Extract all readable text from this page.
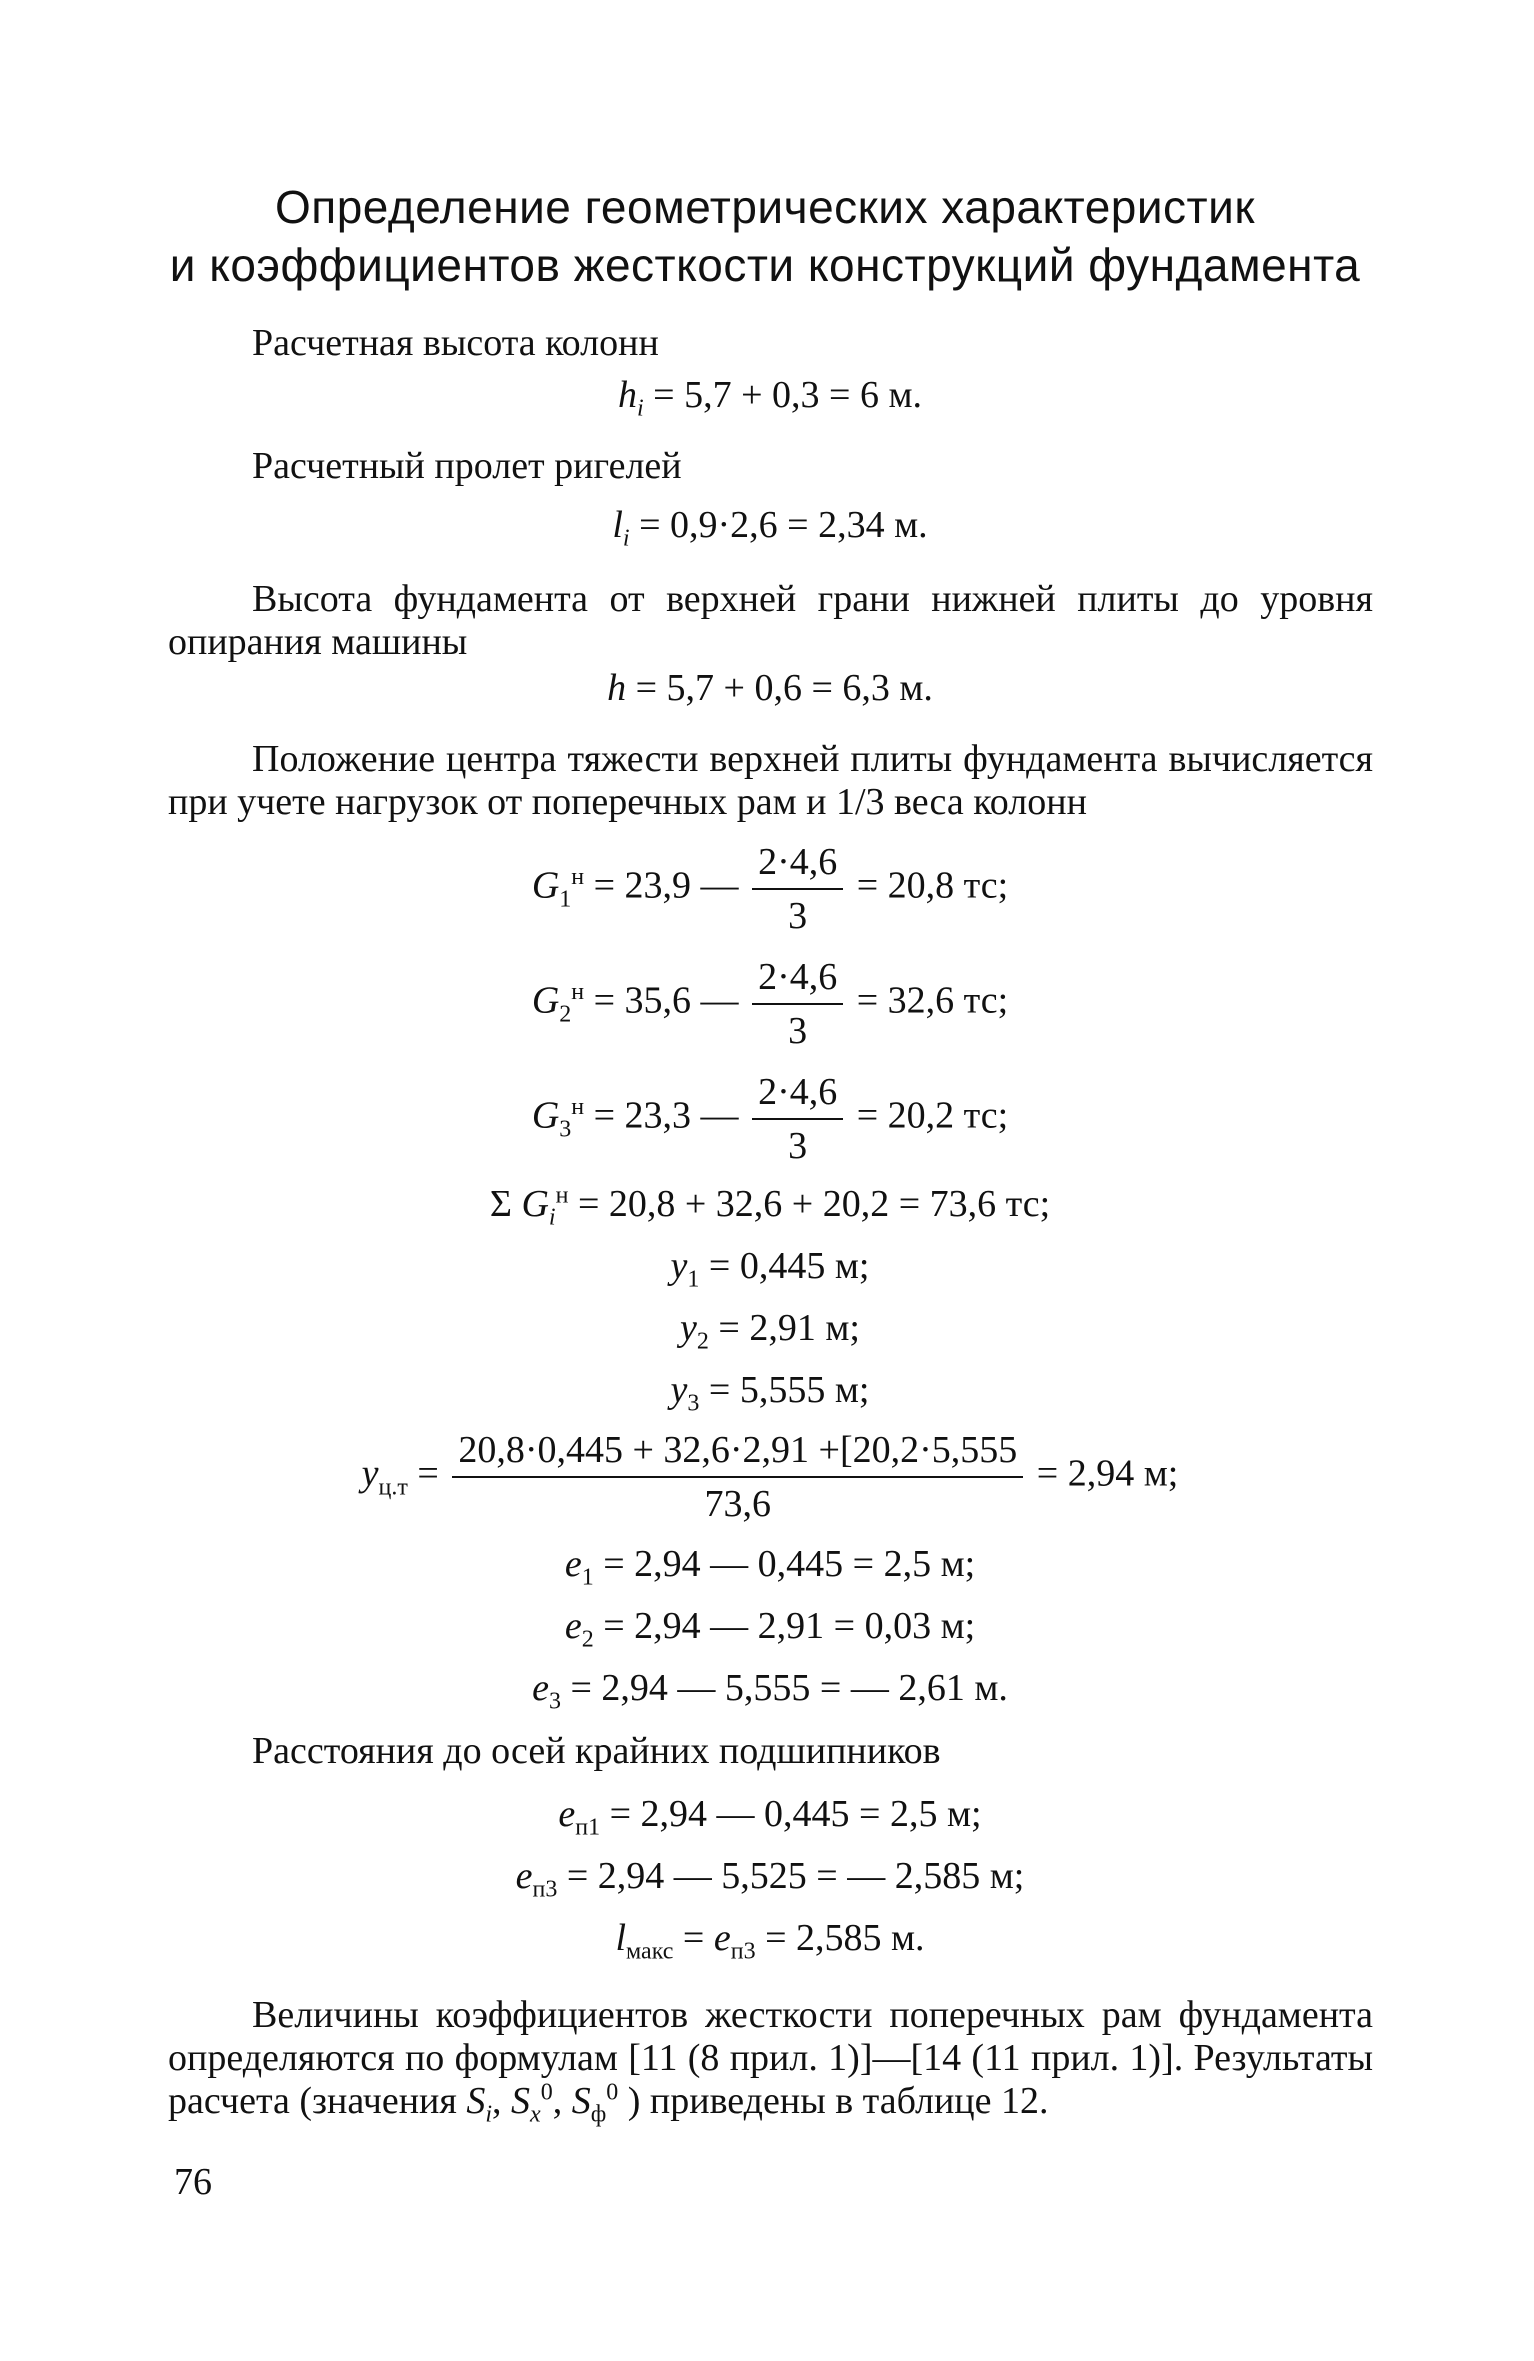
Определение геометрических характеристик
и коэффициентов жесткости конструкций фундамента
Расчетная высота колонн
$h_i = 5,7 + 0,3 = 6$ м.
Расчетный пролет ригелей
$l_i = 0,9\cdot 2,6 = 2,34$ м.
Высота фундамента от верхней грани нижней плиты до уровня опирания машины
h = 5,7 + 0,6 = 6,3 м.
Положение центра тяжести верхней плиты фундамента вычисляется при учете нагрузок от поперечных рам и 1/3 веса колонн
$G_1^н = 23,9$ — $\frac{2\cdot 4,6}{3} = 20,8$ тс;
$G_2^н = 35,6$ — $\frac{2\cdot 4,6}{3} = 32,6$ тс;
$G_3^н = 23,3$ — $\frac{2\cdot 4,6}{3} = 20,2$ тс;
Σ $G_i^н = 20,8 + 32,6 + 20,2 = 73,6$ тс;
$y_1 = 0,445$ м;
$y_2 = 2,91$ м;
$y_3 = 5,555$ м;
$y_{ц.т} = \frac{20,8\cdot 0,445 + 32,6\cdot 2,91 +[20,2\cdot 5,555}{73,6} = 2,94$ м;
$e_1 = 2,94$ — 0,445 = 2,5 м;
$e_2 = 2,94$ — 2,91 = 0,03 м;
$e_3 = 2,94$ — 5,555 = — 2,61 м.
Расстояния до осей крайних подшипников
$e_{п1} = 2,94$ — 0,445 = 2,5 м;
$e_{п3} = 2,94$ — 5,525 = — 2,585 м;
$l_{макс} = e_{п3} = 2,585$ м.
Величины коэффициентов жесткости поперечных рам фундамента определяются по формулам [11 (8 прил. 1)]—[14 (11 прил. 1)]. Результаты расчета (значения $S_i$, $S_x^0$, $S_ф^0$ ) приведены в таблице 12.
76
